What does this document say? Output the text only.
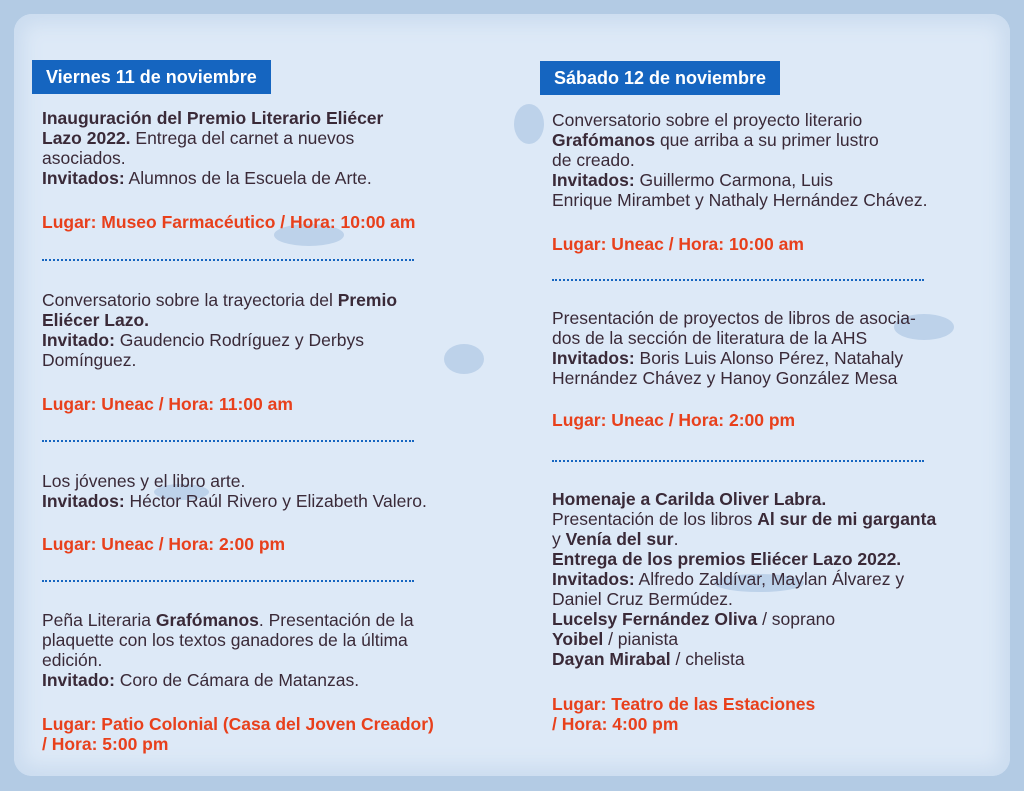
Viernes 11 de noviembre

Inauguración del Premio Literario Eliécer

Lazo 2022. Entrega del carnet a nuevos

asociados.

Invitados: Alumnos de la Escuela de Arte.

Lugar: Museo Farmacéutico / Hora: 10:00 am

Conversatorio sobre la trayectoria del Premio

Eliécer Lazo.

Invitado: Gaudencio Rodríguez y Derbys

Domínguez.

Lugar: Uneac / Hora: 11:00 am

Los jóvenes y el libro arte.

Invitados: Héctor Raúl Rivero y Elizabeth Valero.

Lugar: Uneac / Hora: 2:00 pm

Peña Literaria Grafómanos. Presentación de la

plaquette con los textos ganadores de la última

edición.

Invitado: Coro de Cámara de Matanzas.

Lugar: Patio Colonial (Casa del Joven Creador)
/ Hora: 5:00 pm
Sábado 12 de noviembre

Conversatorio sobre el proyecto literario

Grafómanos que arriba a su primer lustro

de creado.

Invitados: Guillermo Carmona, Luis

Enrique Mirambet y Nathaly Hernández Chávez.

Lugar: Uneac / Hora: 10:00 am

Presentación de proyectos de libros de asocia-

dos de la sección de literatura de la AHS

Invitados: Boris Luis Alonso Pérez, Natahaly

Hernández Chávez y Hanoy González Mesa

Lugar: Uneac / Hora: 2:00 pm

Homenaje a Carilda Oliver Labra.

Presentación de los libros Al sur de mi garganta

y Venía del sur.

Entrega de los premios Eliécer Lazo 2022.

Invitados: Alfredo Zaldívar, Maylan Álvarez y

Daniel Cruz Bermúdez.

Lucelsy Fernández Oliva / soprano

Yoibel / pianista

Dayan Mirabal / chelista

Lugar: Teatro de las Estaciones
/ Hora: 4:00 pm
